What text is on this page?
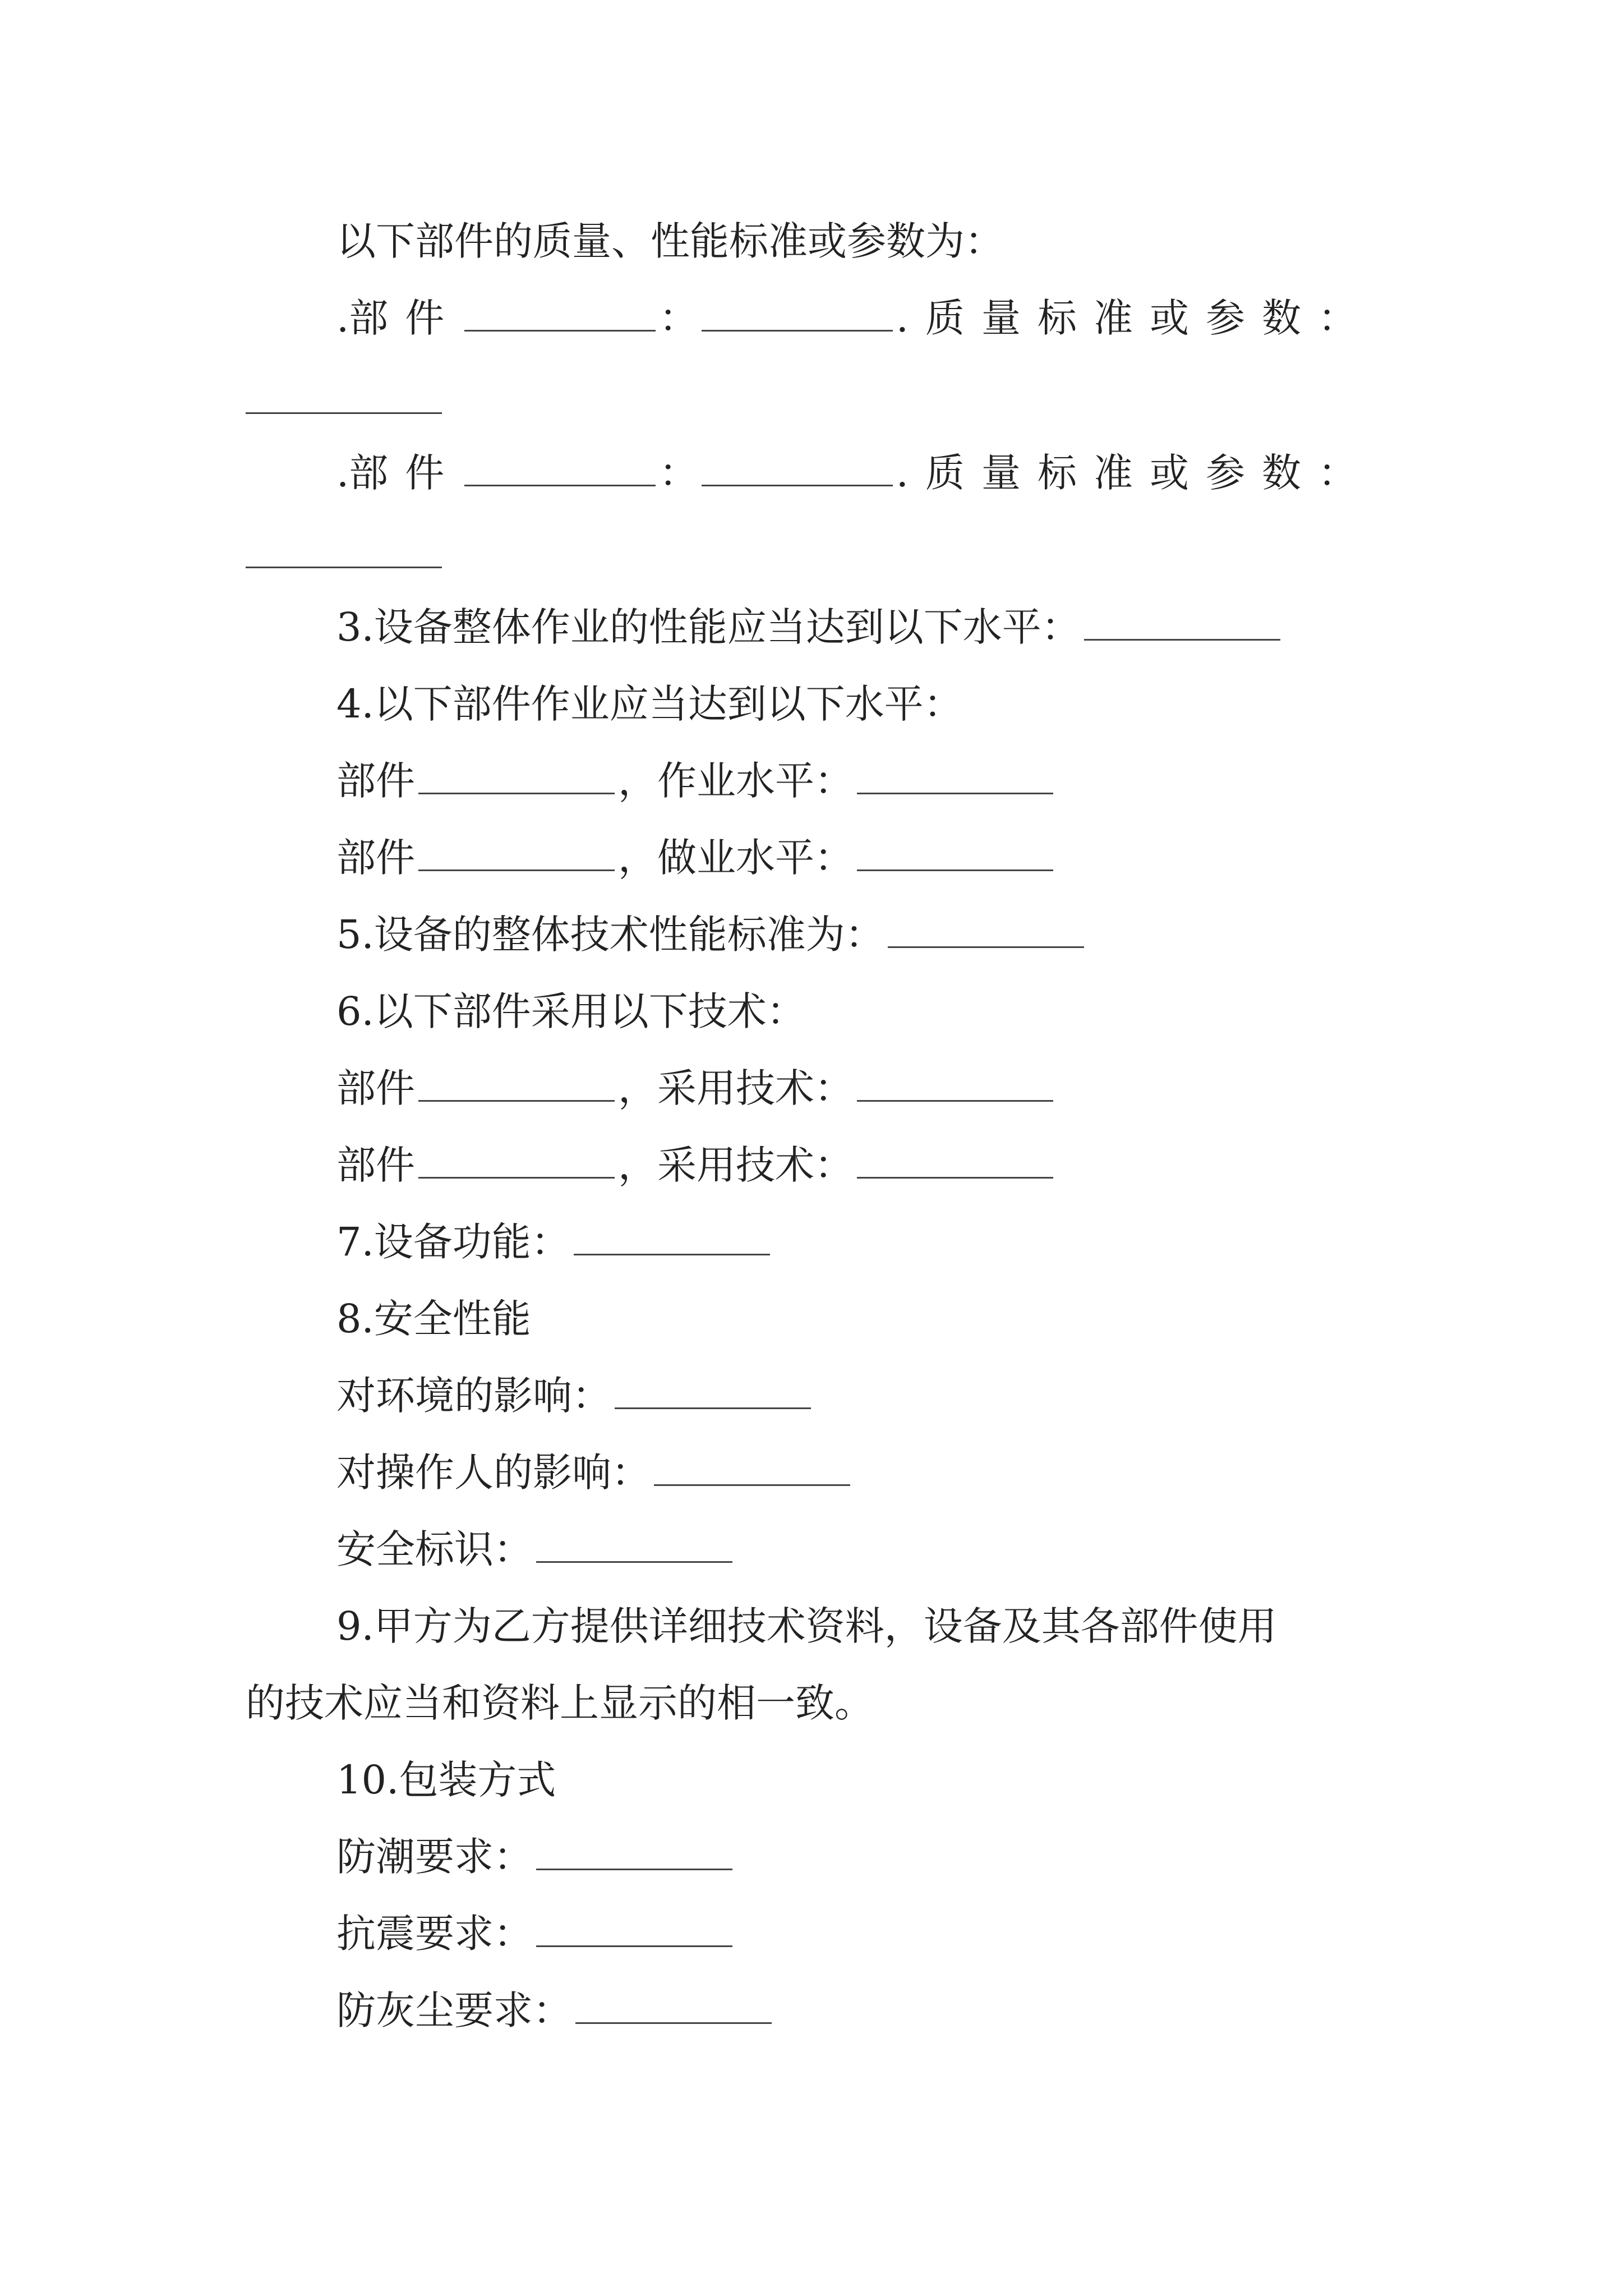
以下部件的质量、性能标准或参数为：
. 部件	：	.质量标准或参数：
. 部件	：	.质量标准或参数：
3.设备整体作业的性能应当达到以下水平：
4.以下部件作业应当达到以下水平：
部件	，作业水平：
部件	，做业水平：
5.设备的整体技术性能标准为：
6.以下部件采用以下技术：
部件	，采用技术：
部件	，采用技术：
7.设备功能：
8.安全性能
对环境的影响：
对操作人的影响：
安全标识：
9.甲方为乙方提供详细技术资料，设备及其各部件使用
的技术应当和资料上显示的相一致。
10.包装方式
防潮要求：
抗震要求：
防灰尘要求：
